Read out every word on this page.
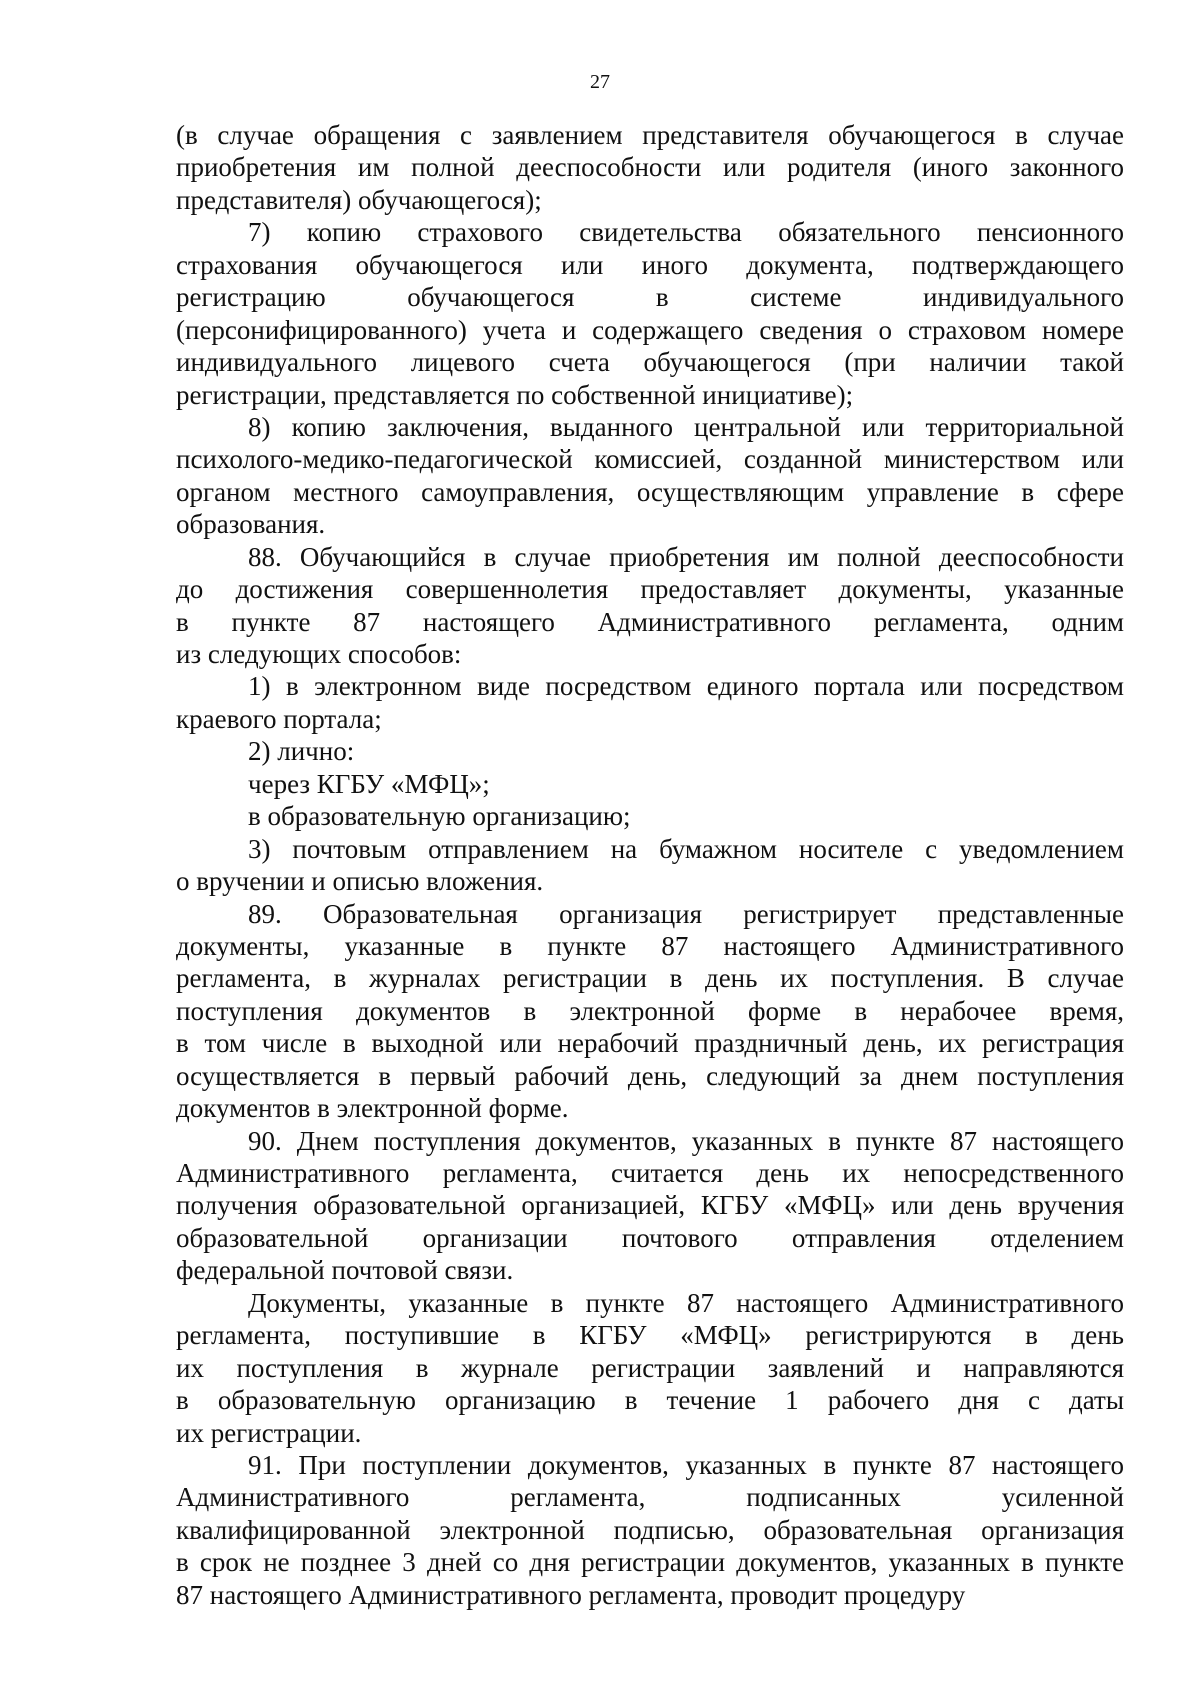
27
(в случае обращения с заявлением представителя обучающегося в случае
приобретения им полной дееспособности или родителя (иного законного
представителя) обучающегося);
7) копию страхового свидетельства обязательного пенсионного
страхования обучающегося или иного документа, подтверждающего
регистрацию обучающегося в системе индивидуального
(персонифицированного) учета и содержащего сведения о страховом номере
индивидуального лицевого счета обучающегося (при наличии такой
регистрации, представляется по собственной инициативе);
8) копию заключения, выданного центральной или территориальной
психолого-медико-педагогической комиссией, созданной министерством или
органом местного самоуправления, осуществляющим управление в сфере
образования.
88. Обучающийся в случае приобретения им полной дееспособности
до достижения совершеннолетия предоставляет документы, указанные
в пункте 87 настоящего Административного регламента, одним
из следующих способов:
1) в электронном виде посредством единого портала или посредством
краевого портала;
2) лично:
через КГБУ «МФЦ»;
в образовательную организацию;
3) почтовым отправлением на бумажном носителе с уведомлением
о вручении и описью вложения.
89. Образовательная организация регистрирует представленные
документы, указанные в пункте 87 настоящего Административного
регламента, в журналах регистрации в день их поступления. В случае
поступления документов в электронной форме в нерабочее время,
в том числе в выходной или нерабочий праздничный день, их регистрация
осуществляется в первый рабочий день, следующий за днем поступления
документов в электронной форме.
90. Днем поступления документов, указанных в пункте 87 настоящего
Административного регламента, считается день их непосредственного
получения образовательной организацией, КГБУ «МФЦ» или день вручения
образовательной организации почтового отправления отделением
федеральной почтовой связи.
Документы, указанные в пункте 87 настоящего Административного
регламента, поступившие в КГБУ «МФЦ» регистрируются в день
их поступления в журнале регистрации заявлений и направляются
в образовательную организацию в течение 1 рабочего дня с даты
их регистрации.
91. При поступлении документов, указанных в пункте 87 настоящего
Административного регламента, подписанных усиленной
квалифицированной электронной подписью, образовательная организация
в срок не позднее 3 дней со дня регистрации документов, указанных в пункте
87 настоящего Административного регламента, проводит процедуру
